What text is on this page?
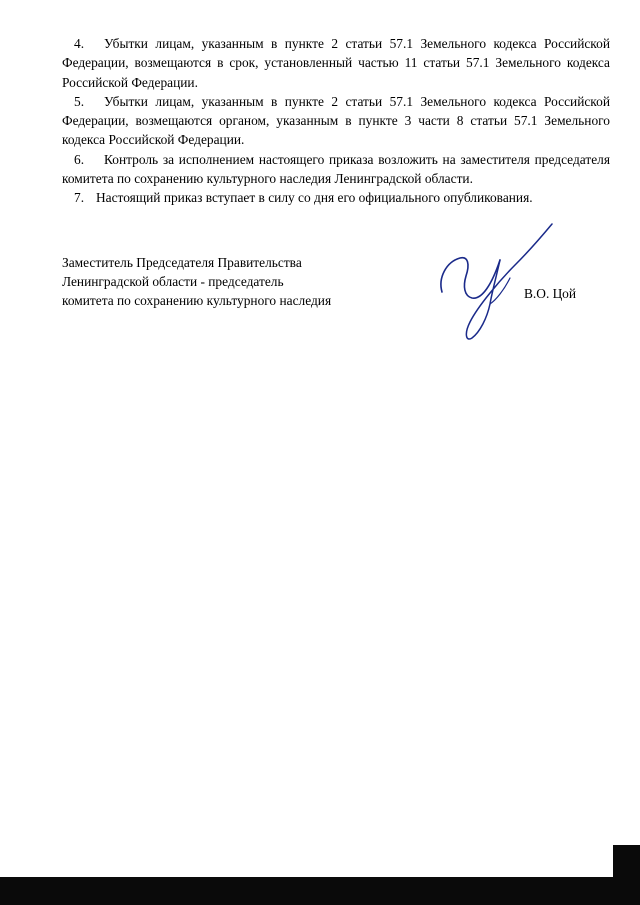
4. Убытки лицам, указанным в пункте 2 статьи 57.1 Земельного кодекса Российской Федерации, возмещаются в срок, установленный частью 11 статьи 57.1 Земельного кодекса Российской Федерации.

5. Убытки лицам, указанным в пункте 2 статьи 57.1 Земельного кодекса Российской Федерации, возмещаются органом, указанным в пункте 3 части 8 статьи 57.1 Земельного кодекса Российской Федерации.

6. Контроль за исполнением настоящего приказа возложить на заместителя председателя комитета по сохранению культурного наследия Ленинградской области.

7. Настоящий приказ вступает в силу со дня его официального опубликования.

Заместитель Председателя Правительства
Ленинградской области - председатель
комитета по сохранению культурного наследия	В.О. Цой
